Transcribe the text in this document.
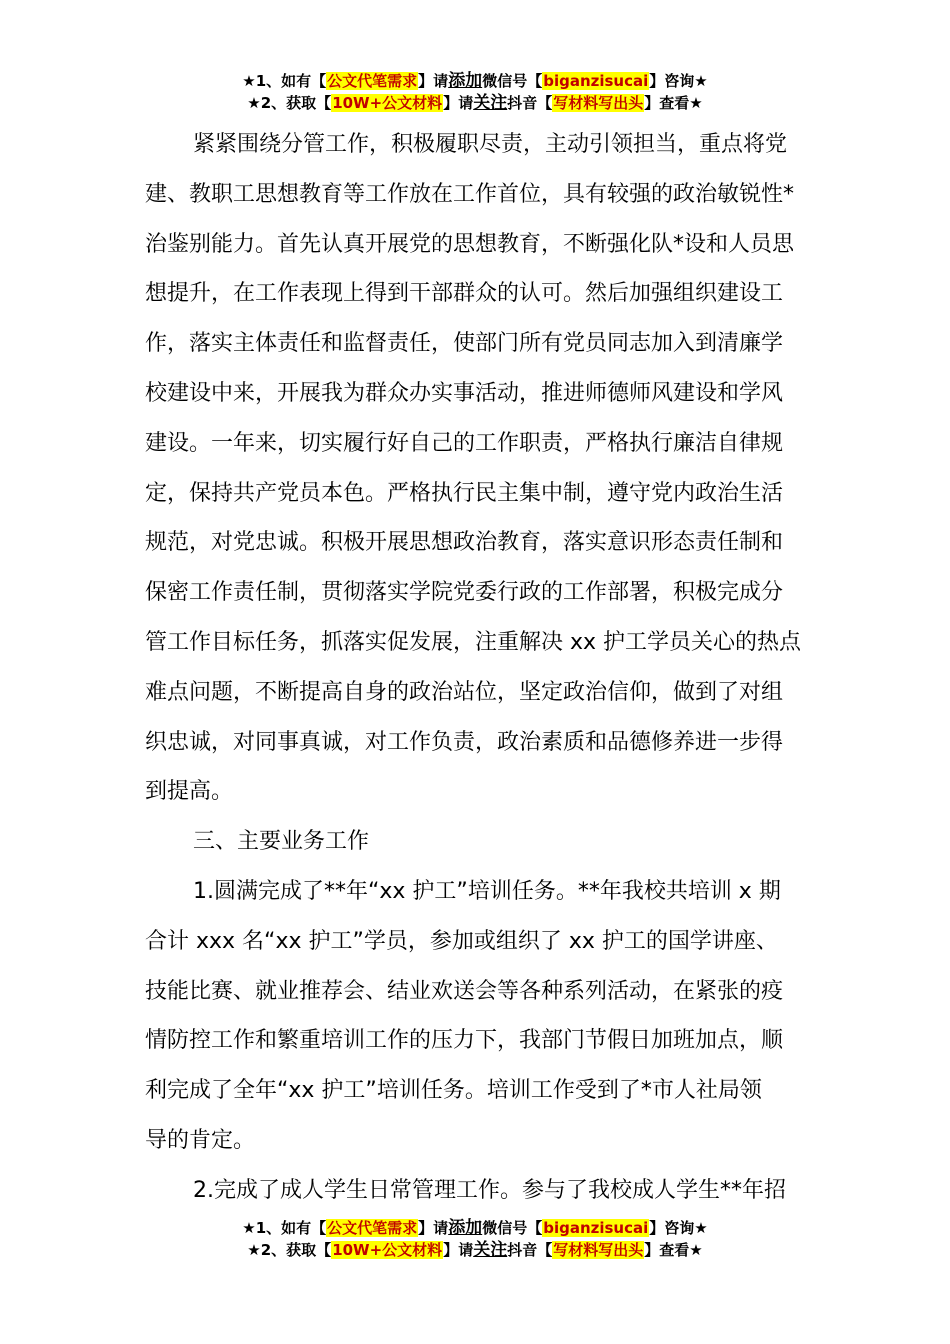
★1、如有【公文代笔需求】请添加微信号【biganzisucai】咨询★
★2、获取【10W+公文材料】请关注抖音【写材料写出头】查看★
紧紧围绕分管工作，积极履职尽责，主动引领担当，重点将党
建、教职工思想教育等工作放在工作首位，具有较强的政治敏锐性*
治鉴别能力。首先认真开展党的思想教育，不断强化队*设和人员思
想提升，在工作表现上得到干部群众的认可。然后加强组织建设工
作，落实主体责任和监督责任，使部门所有党员同志加入到清廉学
校建设中来，开展我为群众办实事活动，推进师德师风建设和学风
建设。一年来，切实履行好自己的工作职责，严格执行廉洁自律规
定，保持共产党员本色。严格执行民主集中制，遵守党内政治生活
规范，对党忠诚。积极开展思想政治教育，落实意识形态责任制和
保密工作责任制，贯彻落实学院党委行政的工作部署，积极完成分
管工作目标任务，抓落实促发展，注重解决 xx 护工学员关心的热点
难点问题，不断提高自身的政治站位，坚定政治信仰，做到了对组
织忠诚，对同事真诚，对工作负责，政治素质和品德修养进一步得
到提高。
三、主要业务工作
1.圆满完成了**年“xx 护工”培训任务。**年我校共培训 x 期
合计 xxx 名“xx 护工”学员，参加或组织了 xx 护工的国学讲座、
技能比赛、就业推荐会、结业欢送会等各种系列活动，在紧张的疫
情防控工作和繁重培训工作的压力下，我部门节假日加班加点，顺
利完成了全年“xx 护工”培训任务。培训工作受到了*市人社局领
导的肯定。
2.完成了成人学生日常管理工作。参与了我校成人学生**年招
★1、如有【公文代笔需求】请添加微信号【biganzisucai】咨询★
★2、获取【10W+公文材料】请关注抖音【写材料写出头】查看★
